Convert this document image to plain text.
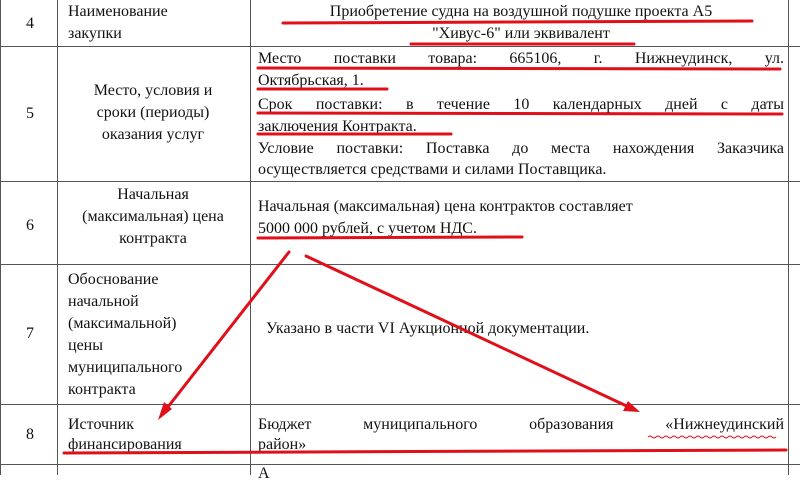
4
Наименование
закупки
Приобретение судна на воздушной подушке проекта А5
"Хивус-6" или эквивалент
5
Место, условия и
сроки (периоды)
оказания услуг
Место поставки товара: 665106, г. Нижнеудинск, ул.
Октябрьская, 1.
Срок поставки: в течение 10 календарных дней с даты
заключения Контракта.
Условие поставки: Поставка до места нахождения Заказчика
осуществляется средствами и силами Поставщика.
6
Начальная
(максимальная) цена
контракта
Начальная (максимальная) цена контрактов составляет
5000 000 рублей, с учетом НДС.
7
Обоснование
начальной
(максимальной)
цены
муниципального
контракта
Указано в части VI Аукционной документации.
8
Источник
финансирования
Бюджет муниципального образования «Нижнеудинский
район»
А
